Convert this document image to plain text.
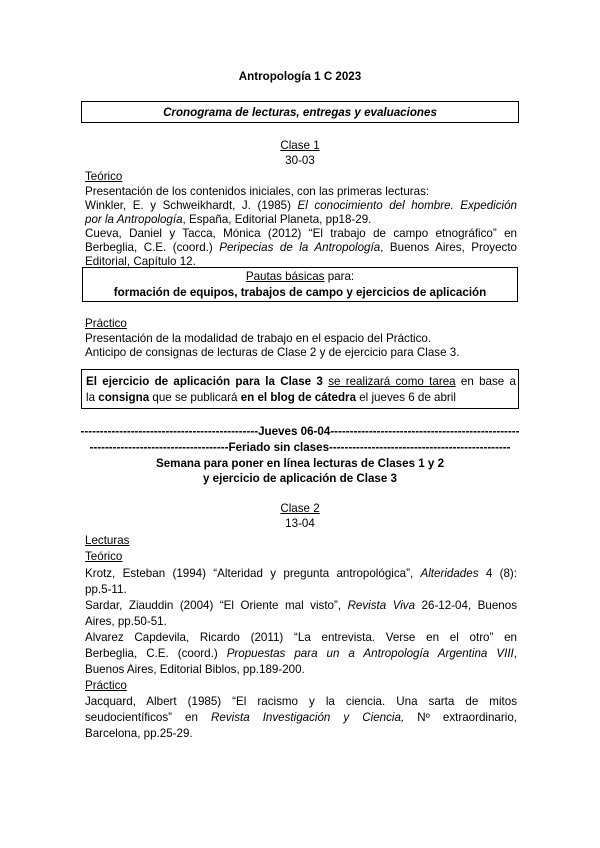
Antropología 1 C 2023
Cronograma de lecturas, entregas y evaluaciones
Clase 1
30-03
Teórico
Presentación de los contenidos iniciales, con las primeras lecturas:
Winkler, E. y Schweikhardt, J. (1985) El conocimiento del hombre. Expedición
por la Antropología, España, Editorial Planeta, pp18-29.
Cueva, Daniel y Tacca, Mónica (2012) “El trabajo de campo etnográfico” en
Berbeglia, C.E. (coord.) Peripecias de la Antropología, Buenos Aires, Proyecto
Editorial, Capítulo 12.
Pautas básicas para:
formación de equipos, trabajos de campo y ejercicios de aplicación
Práctico
Presentación de la modalidad de trabajo en el espacio del Práctico.
Anticipo de consignas de lecturas de Clase 2 y de ejercicio para Clase 3.
El ejercicio de aplicación para la Clase 3 se realizará como tarea en base a
la consigna que se publicará en el blog de cátedra el jueves 6 de abril
----------------------------------------------Jueves 06-04-------------------------------------------------
------------------------------------Feriado sin clases-----------------------------------------------
Semana para poner en línea lecturas de Clases 1 y 2
y ejercicio de aplicación de Clase 3
Clase 2
13-04
Lecturas
Teórico
Krotz, Esteban (1994) “Alteridad y pregunta antropológica”, Alteridades 4 (8):
pp.5-11.
Sardar, Ziauddin (2004) “El Oriente mal visto”, Revista Viva 26-12-04, Buenos
Aires, pp.50-51.
Alvarez Capdevila, Ricardo (2011) “La entrevista. Verse en el otro” en
Berbeglia, C.E. (coord.) Propuestas para un a Antropología Argentina VIII,
Buenos Aires, Editorial Biblos, pp.189-200.
Práctico
Jacquard, Albert (1985) “El racismo y la ciencia. Una sarta de mitos
seudocientíficos” en Revista Investigación y Ciencia, Nº extraordinario,
Barcelona, pp.25-29.
